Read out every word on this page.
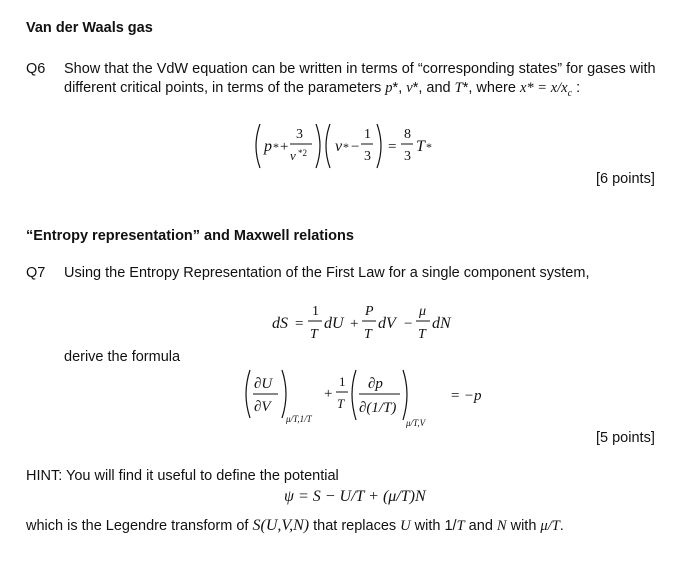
Van der Waals gas
Q6 Show that the VdW equation can be written in terms of “corresponding states” for gases with
different critical points, in terms of the parameters p*, v*, and T*, where $x* = x/x_c$ :
p * +
3
v *2 v * −
1
3
=
8
3
T *
[6 points]
“Entropy representation” and Maxwell relations
Q7 Using the Entropy Representation of the First Law for a single component system,
dS =
1
T
dU +
P
T
dV −
μ
T
dN
derive the formula
∂U
∂V
μ/T,1/T
+
1
T
∂p
∂(1/T)
μ/T,V
= −p
[5 points]
HINT: You will find it useful to define the potential
ψ = S − U/T + (μ/T)N
which is the Legendre transform of S(U,V,N) that replaces U with 1/T and N with μ/T.
